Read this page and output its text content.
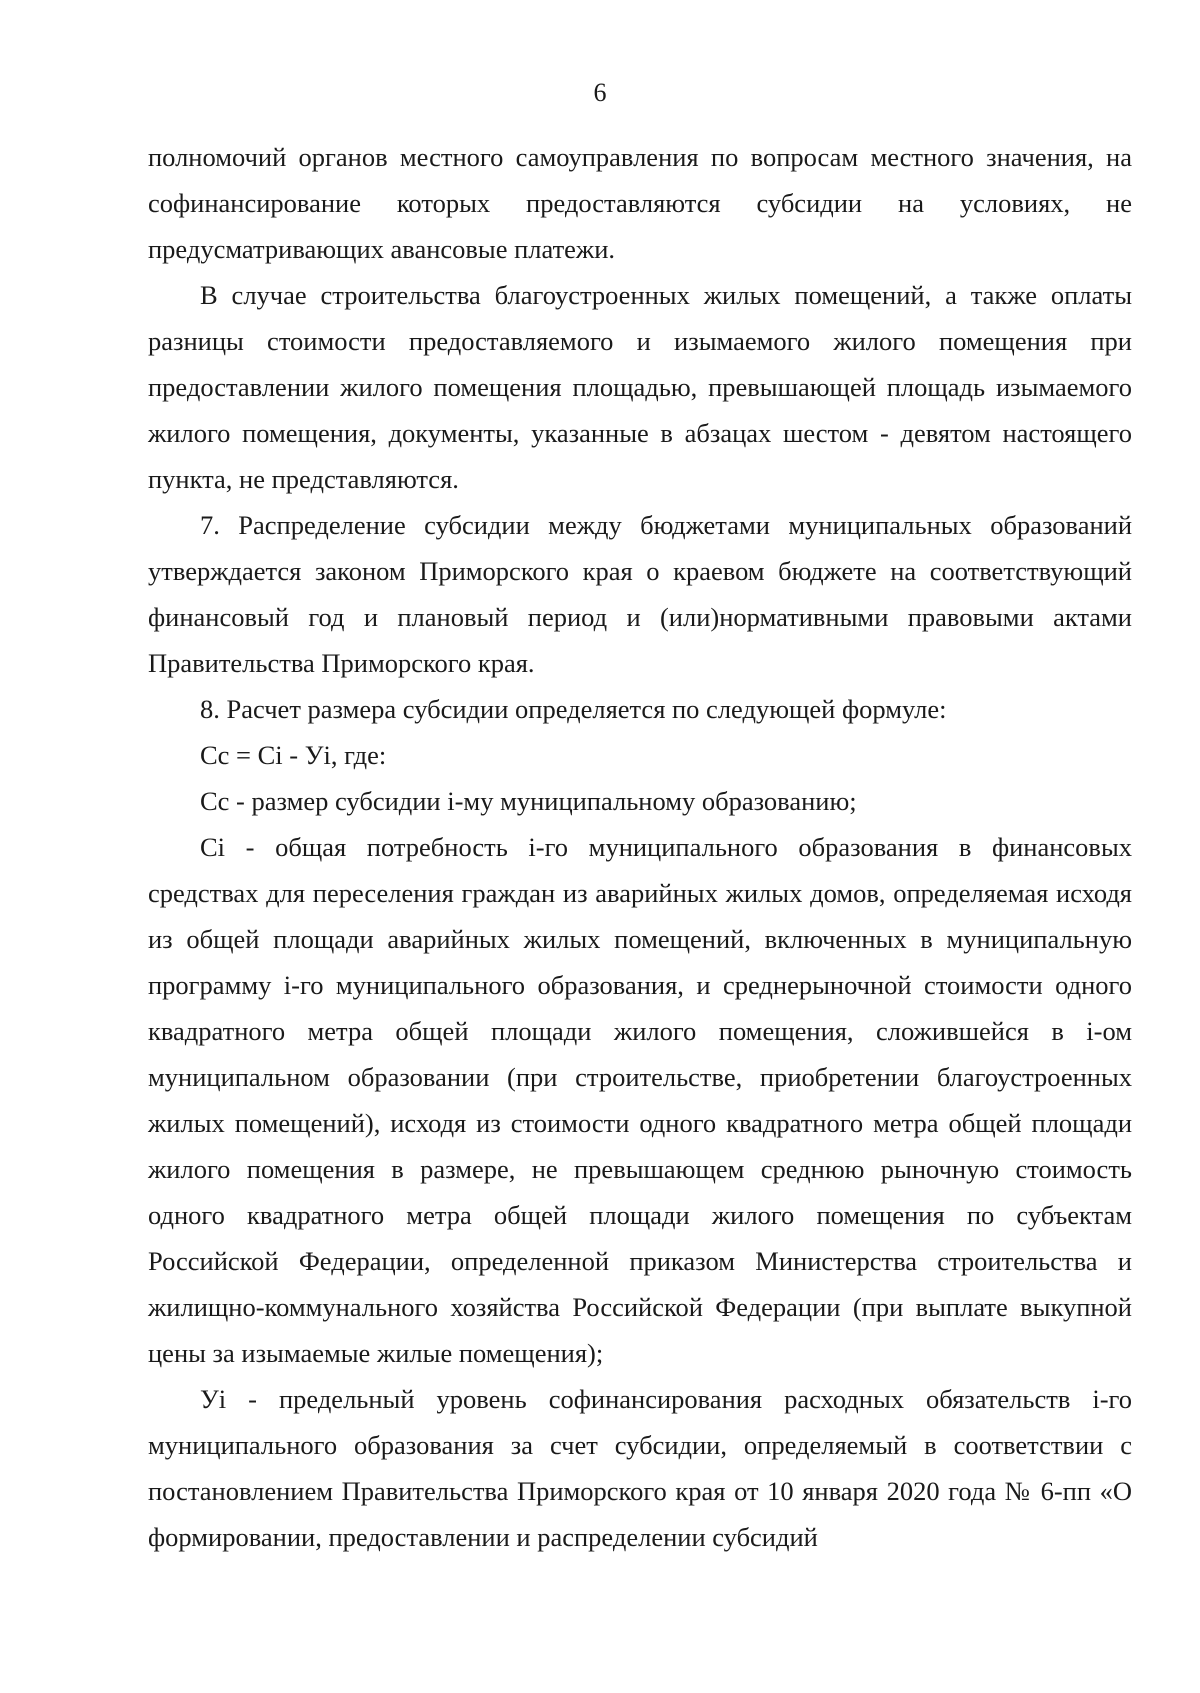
6

полномочий органов местного самоуправления по вопросам местного значения, на софинансирование которых предоставляются субсидии на условиях, не предусматривающих авансовые платежи.

В случае строительства благоустроенных жилых помещений, а также оплаты разницы стоимости предоставляемого и изымаемого жилого помещения при предоставлении жилого помещения площадью, превышающей площадь изымаемого жилого помещения, документы, указанные в абзацах шестом - девятом настоящего пункта, не представляются.

7. Распределение субсидии между бюджетами муниципальных образований утверждается законом Приморского края о краевом бюджете на соответствующий финансовый год и плановый период и (или)нормативными правовыми актами Правительства Приморского края.

8. Расчет размера субсидии определяется по следующей формуле:

Cc = Ci - Уi, где:

Cc - размер субсидии i-му муниципальному образованию;

Ci - общая потребность i-го муниципального образования в финансовых средствах для переселения граждан из аварийных жилых домов, определяемая исходя из общей площади аварийных жилых помещений, включенных в муниципальную программу i-го муниципального образования, и среднерыночной стоимости одного квадратного метра общей площади жилого помещения, сложившейся в i-ом муниципальном образовании (при строительстве, приобретении благоустроенных жилых помещений), исходя из стоимости одного квадратного метра общей площади жилого помещения в размере, не превышающем среднюю рыночную стоимость одного квадратного метра общей площади жилого помещения по субъектам Российской Федерации, определенной приказом Министерства строительства и жилищно-коммунального хозяйства Российской Федерации (при выплате выкупной цены за изымаемые жилые помещения);

Уi - предельный уровень софинансирования расходных обязательств i-го муниципального образования за счет субсидии, определяемый в соответствии с постановлением Правительства Приморского края от 10 января 2020 года № 6-пп «О формировании, предоставлении и распределении субсидий
